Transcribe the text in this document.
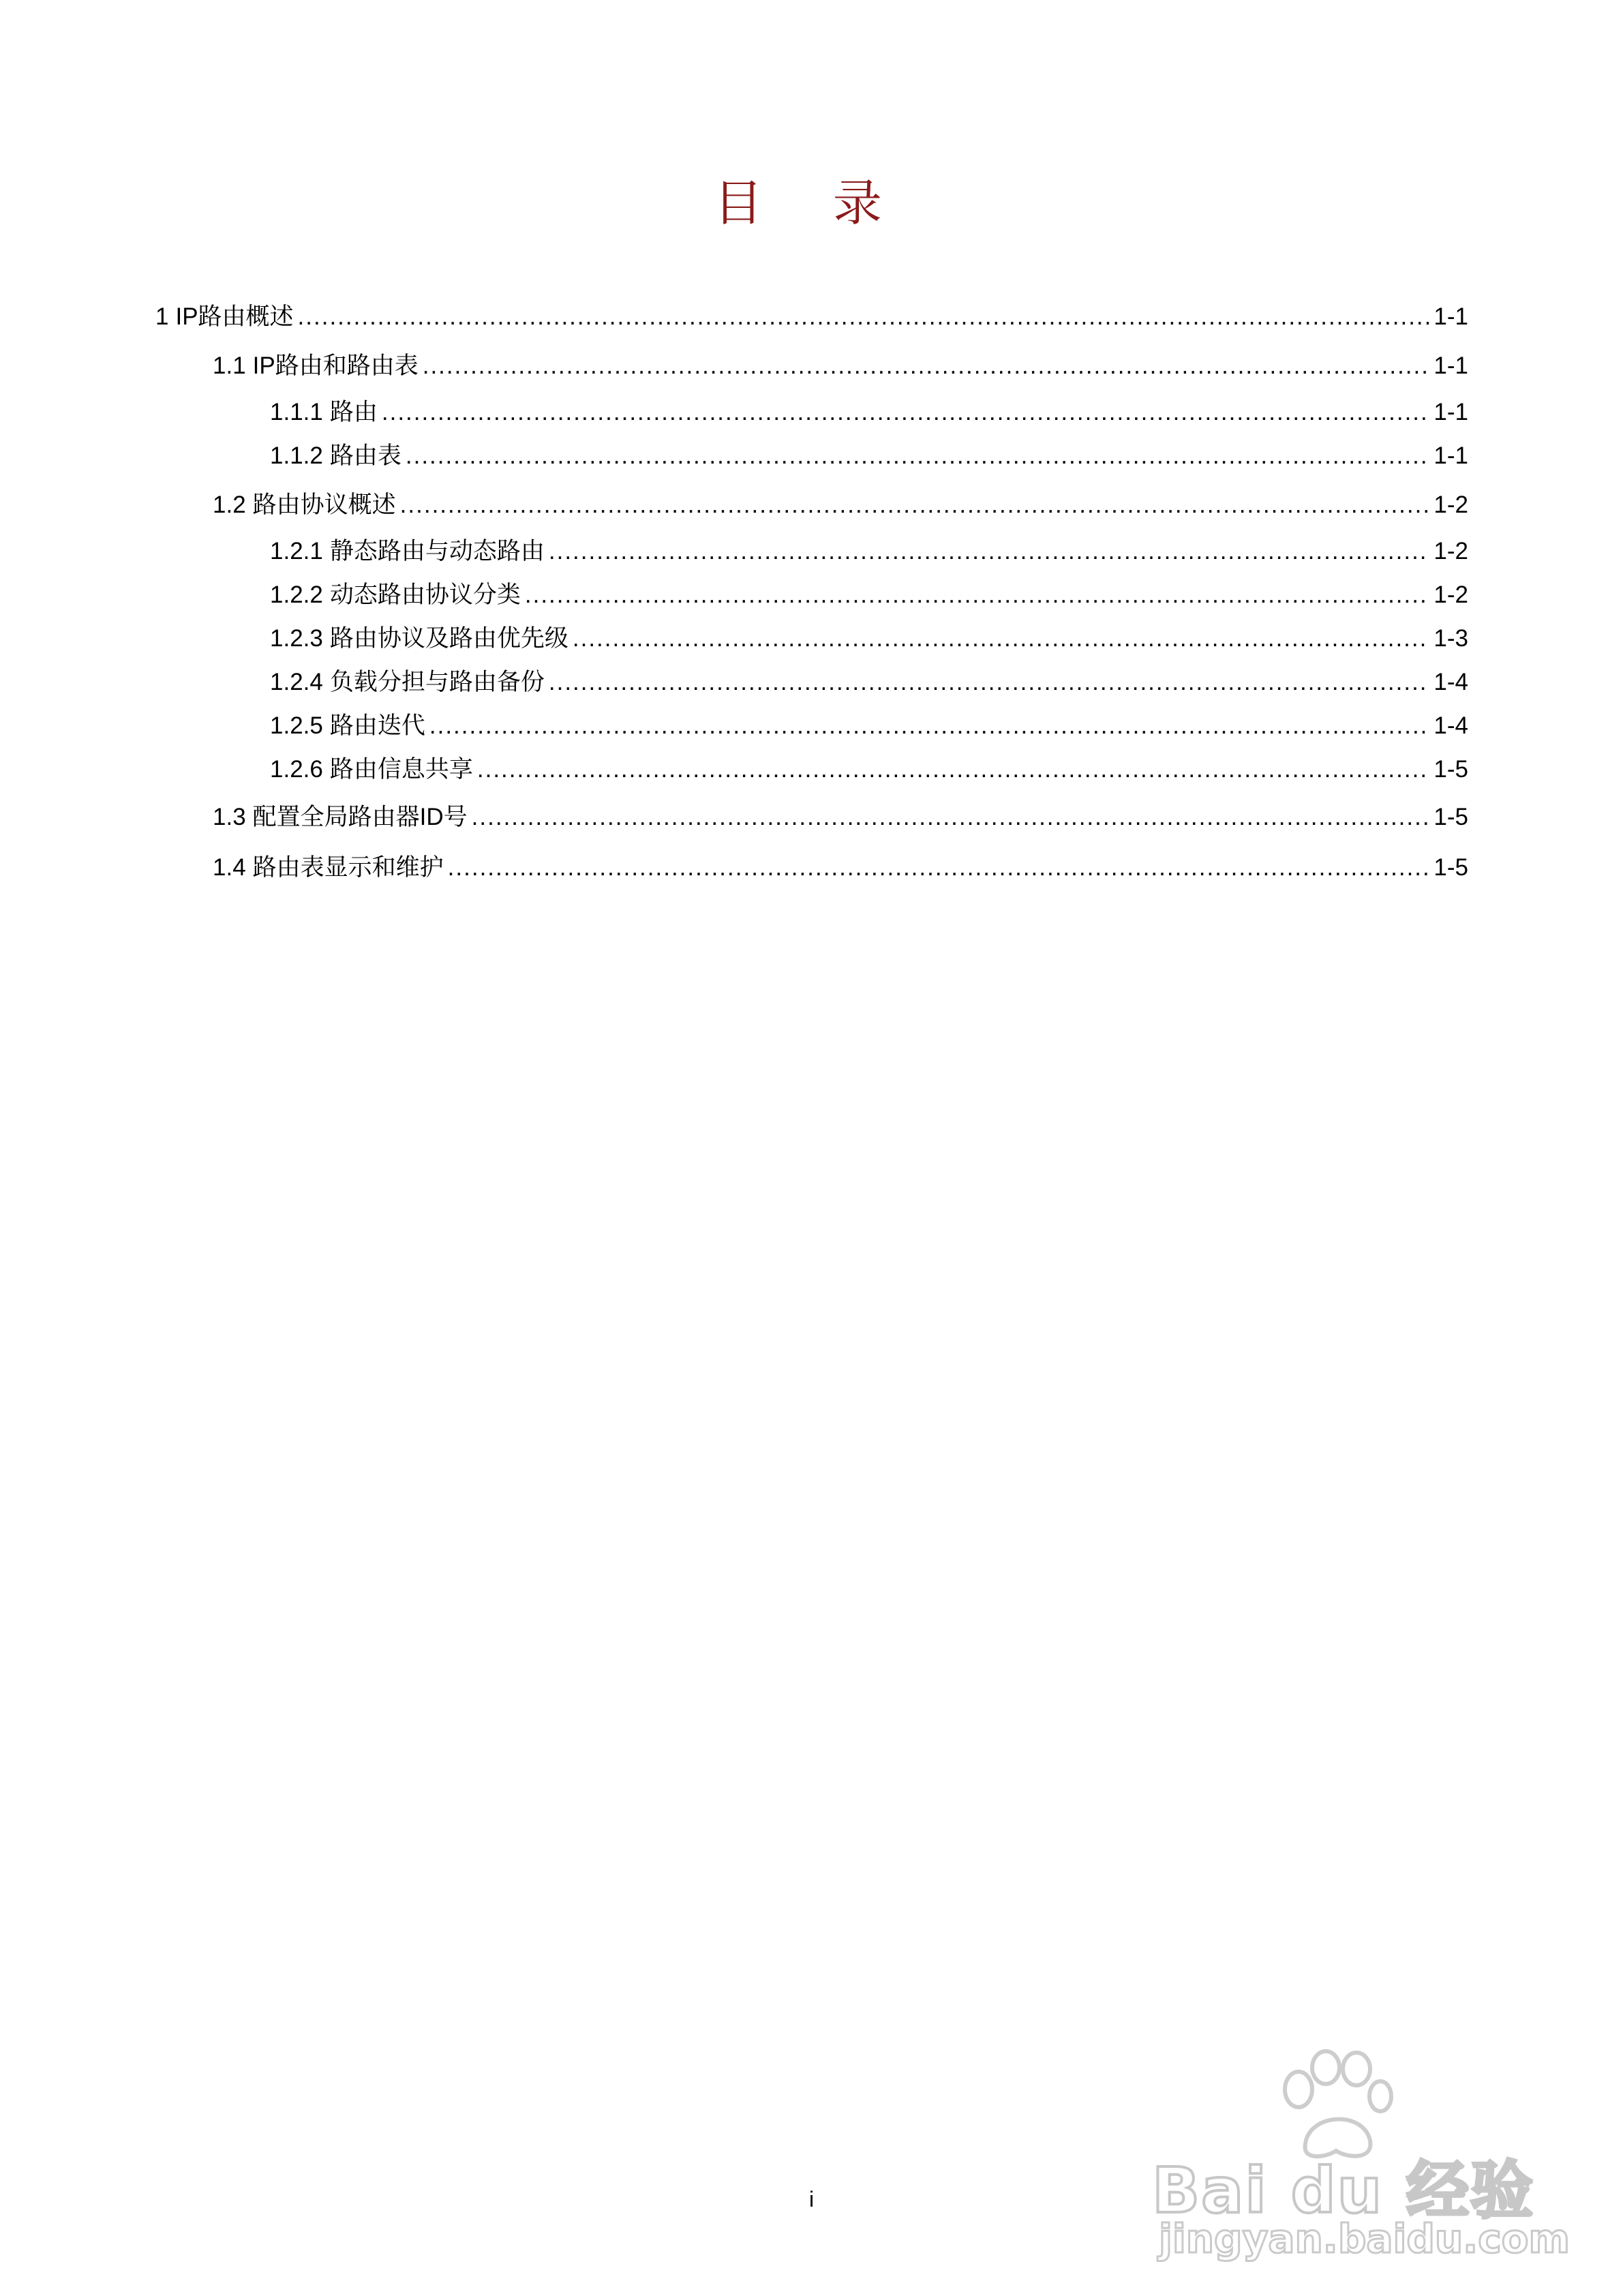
目 录
1 IP路由概述 .....	1-1
1.1 IP路由和路由表 .....	1-1
1.1.1 路由 .....	1-1
1.1.2 路由表 .....	1-1
1.2 路由协议概述 .....	1-2
1.2.1 静态路由与动态路由 .....	1-2
1.2.2 动态路由协议分类 .....	1-2
1.2.3 路由协议及路由优先级 .....	1-3
1.2.4 负载分担与路由备份 .....	1-4
1.2.5 路由迭代 .....	1-4
1.2.6 路由信息共享 .....	1-5
1.3 配置全局路由器ID号 .....	1-5
1.4 路由表显示和维护 .....	1-5
i	Bai du 经验
jingyan.baidu.com
